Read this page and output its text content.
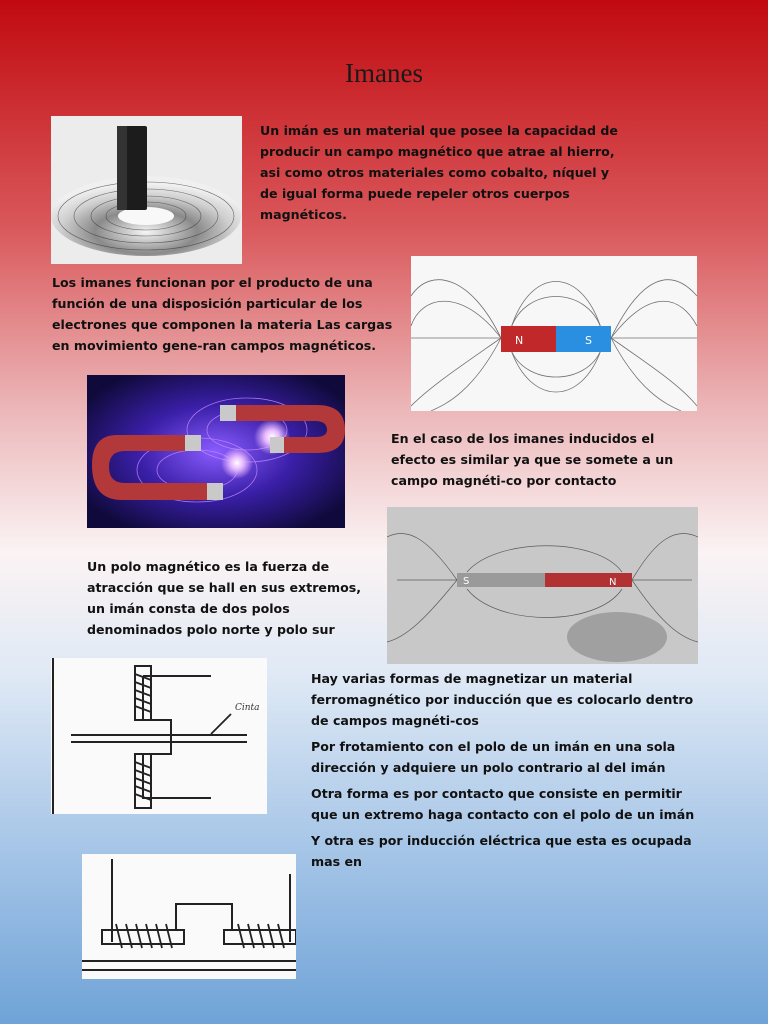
Imanes

Un imán es un material que posee la capacidad de producir un campo magnético que atrae al hierro, asi como otros materiales como cobalto, níquel y de igual forma puede repeler otros cuerpos magnéticos.

Los imanes funcionan por el producto de una función de una disposición particular de los electrones que componen la materia Las cargas en movimiento gene-ran campos magnéticos.	N	S

En el caso de los imanes inducidos el efecto es similar ya que se somete a un campo magnéti-co por contacto

S	N

Un polo magnético es la fuerza de atracción que se hall en sus extremos, un imán consta de dos polos denominados polo norte y polo sur

Cinta

Hay varias formas de magnetizar un material ferromagnético por inducción que es colocarlo dentro de campos magnéti-cos

Por frotamiento con el polo de un imán en una sola dirección y adquiere un polo contrario al del imán

Otra forma es por contacto que consiste en permitir que un extremo haga contacto con el polo de un imán

Y otra es por inducción eléctrica que esta es ocupada mas en
